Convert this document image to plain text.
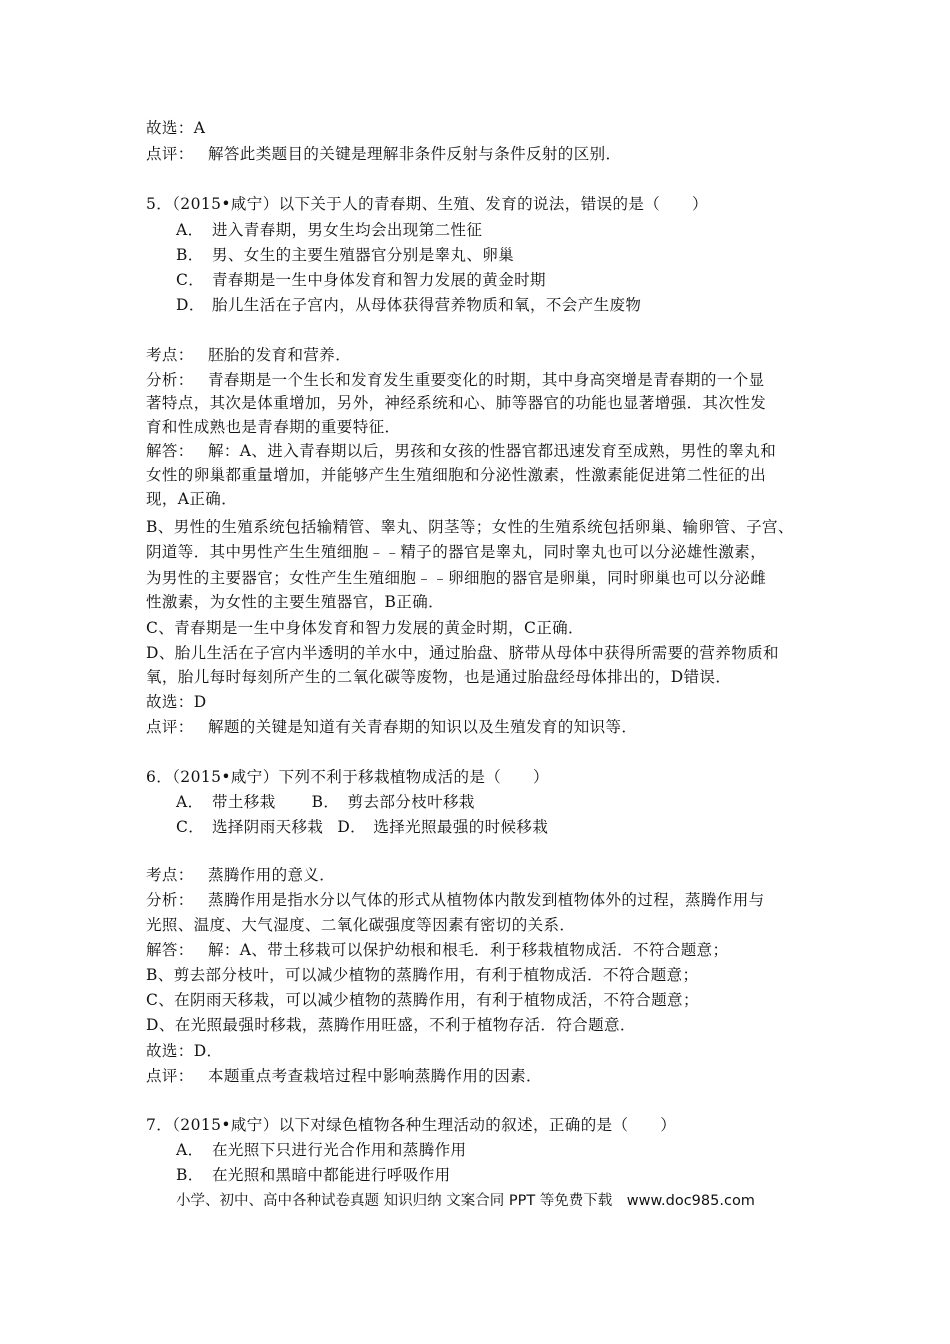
故选：A
点评： 解答此类题目的关键是理解非条件反射与条件反射的区别．
5．（2015•咸宁）以下关于人的青春期、生殖、发育的说法，错误的是（　　）
A． 进入青春期，男女生均会出现第二性征
B． 男、女生的主要生殖器官分别是睾丸、卵巢
C． 青春期是一生中身体发育和智力发展的黄金时期
D． 胎儿生活在子宫内，从母体获得营养物质和氧，不会产生废物
考点： 胚胎的发育和营养．
分析： 青春期是一个生长和发育发生重要变化的时期，其中身高突增是青春期的一个显
著特点，其次是体重增加，另外，神经系统和心、肺等器官的功能也显著增强．其次性发
育和性成熟也是青春期的重要特征．
解答： 解：A、进入青春期以后，男孩和女孩的性器官都迅速发育至成熟，男性的睾丸和
女性的卵巢都重量增加，并能够产生生殖细胞和分泌性激素，性激素能促进第二性征的出
现，A正确．
B、男性的生殖系统包括输精管、睾丸、阴茎等；女性的生殖系统包括卵巢、输卵管、子宫、
阴道等．其中男性产生生殖细胞﹣﹣精子的器官是睾丸，同时睾丸也可以分泌雄性激素，
为男性的主要器官；女性产生生殖细胞﹣﹣卵细胞的器官是卵巢，同时卵巢也可以分泌雌
性激素，为女性的主要生殖器官，B正确．
C、青春期是一生中身体发育和智力发展的黄金时期，C正确．
D、胎儿生活在子宫内半透明的羊水中，通过胎盘、脐带从母体中获得所需要的营养物质和
氧，胎儿每时每刻所产生的二氧化碳等废物，也是通过胎盘经母体排出的，D错误．
故选：D
点评： 解题的关键是知道有关青春期的知识以及生殖发育的知识等．
6．（2015•咸宁）下列不利于移栽植物成活的是（　　）
A． 带土移栽 B． 剪去部分枝叶移栽
C． 选择阴雨天移栽 D． 选择光照最强的时候移栽
考点： 蒸腾作用的意义．
分析： 蒸腾作用是指水分以气体的形式从植物体内散发到植物体外的过程，蒸腾作用与
光照、温度、大气湿度、二氧化碳强度等因素有密切的关系．
解答： 解：A、带土移栽可以保护幼根和根毛．利于移栽植物成活．不符合题意；
B、剪去部分枝叶，可以减少植物的蒸腾作用，有利于植物成活．不符合题意；
C、在阴雨天移栽，可以减少植物的蒸腾作用，有利于植物成活，不符合题意；
D、在光照最强时移栽，蒸腾作用旺盛，不利于植物存活．符合题意．
故选：D．
点评： 本题重点考查栽培过程中影响蒸腾作用的因素．
7．（2015•咸宁）以下对绿色植物各种生理活动的叙述，正确的是（　　）
A． 在光照下只进行光合作用和蒸腾作用
B． 在光照和黑暗中都能进行呼吸作用
小学、初中、高中各种试卷真题 知识归纳 文案合同 PPT 等免费下载　www.doc985.com
